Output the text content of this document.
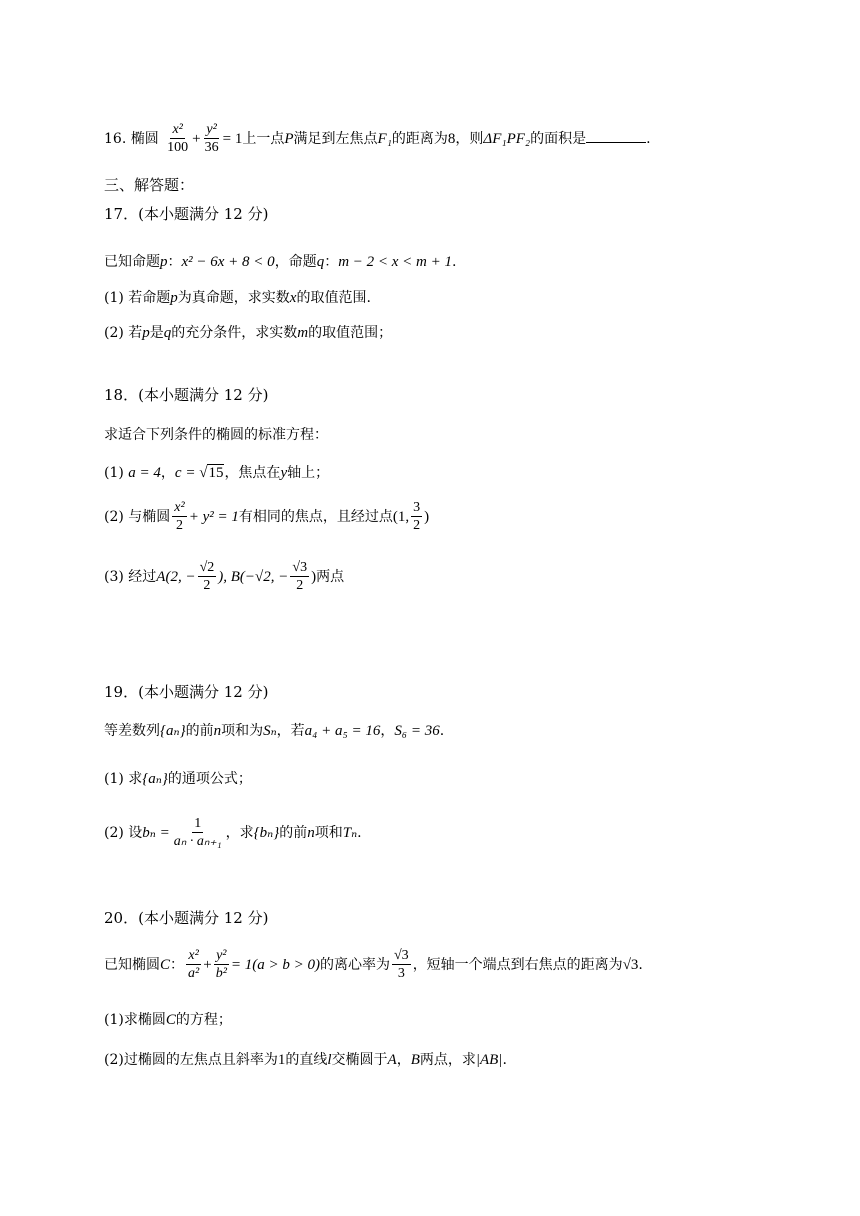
16. 椭圆 $\frac{\text{x²}}{100} + \frac{\text{y²}}{36} = 1$上一点P满足到左焦点F₁的距离为8，则ΔF₁PF₂的面积是	.
三、解答题：
17．(本小题满分 12 分)
已知命题p：x² − 6x + 8 < 0，命题q：m − 2 < x < m + 1.
(1) 若命题p为真命题，求实数x的取值范围.
(2) 若p是q的充分条件，求实数m的取值范围；
18．(本小题满分 12 分)
求适合下列条件的椭圆的标准方程：
(1) a = 4，c = √15，焦点在y轴上；
(2) 与椭圆 $\frac{\text{x²}}{2} + y^2 = 1$有相同的焦点，且经过点(1, $\frac{3}{2}$ )
(3) 经过A(2, − $\frac{√2}{2}$ ), B(−√2, − $\frac{√3}{2}$ )两点
19．(本小题满分 12 分)
等差数列{aₙ}的前n项和为Sₙ，若a₄ + a₅ = 16，S₆ = 36.
(1) 求{aₙ}的通项公式；
(2) 设$b_n = \frac{1}{\text{aₙ · aₙ₊₁}}$ ，求{bₙ}的前n项和Tₙ.
20．(本小题满分 12 分)
已知椭圆C： $\frac{\text{x²}}{\text{a²}} + \frac{\text{y²}}{\text{b²}} = 1(a > b > 0)$的离心率为 $\frac{√3}{3}$ ，短轴一个端点到右焦点的距离为√3.
(1)求椭圆C的方程；
(2)过椭圆的左焦点且斜率为1的直线l交椭圆于A，B两点，求|AB|.
